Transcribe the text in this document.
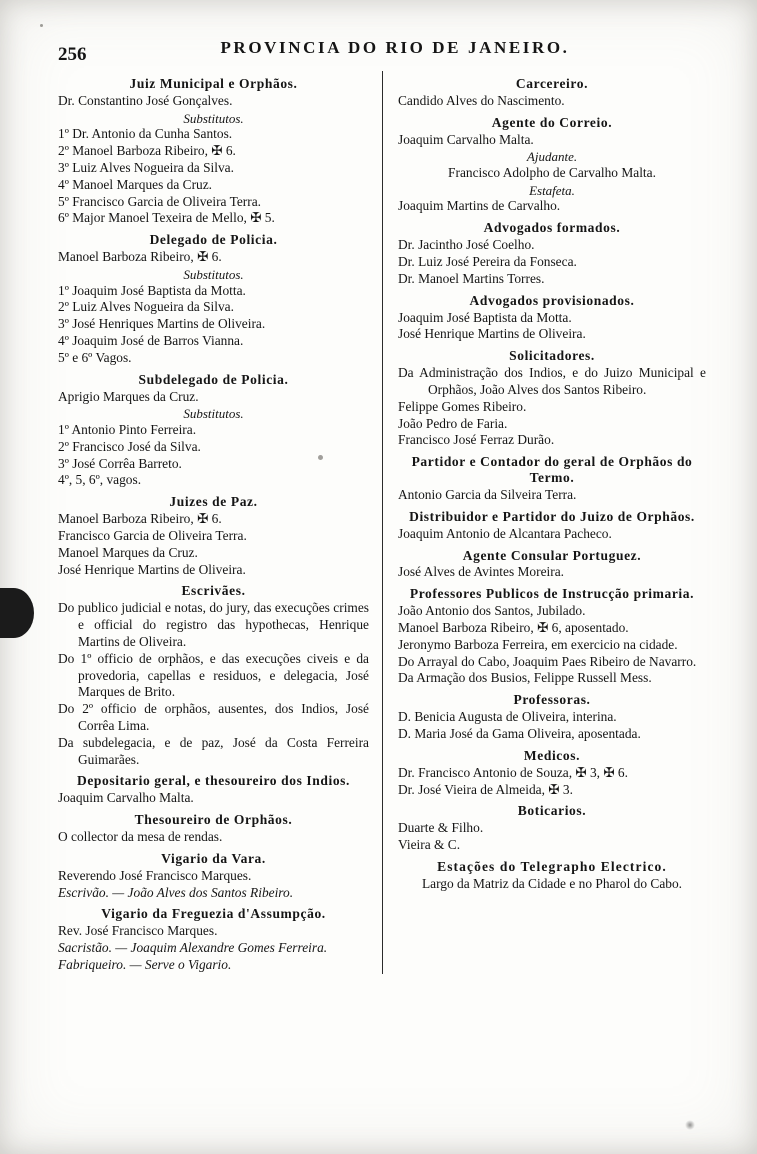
256	PROVINCIA DO RIO DE JANEIRO.
Juiz Municipal e Orphãos.
Dr. Constantino José Gonçalves.
Substitutos.
1º Dr. Antonio da Cunha Santos.
2º Manoel Barboza Ribeiro, ✠ 6.
3º Luiz Alves Nogueira da Silva.
4º Manoel Marques da Cruz.
5º Francisco Garcia de Oliveira Terra.
6º Major Manoel Texeira de Mello, ✠ 5.
Delegado de Policia.
Manoel Barboza Ribeiro, ✠ 6.
Substitutos.
1º Joaquim José Baptista da Motta.
2º Luiz Alves Nogueira da Silva.
3º José Henriques Martins de Oliveira.
4º Joaquim José de Barros Vianna.
5º e 6º Vagos.
Subdelegado de Policia.
Aprigio Marques da Cruz.
Substitutos.
1º Antonio Pinto Ferreira.
2º Francisco José da Silva.
3º José Corrêa Barreto.
4º, 5, 6º, vagos.
Juizes de Paz.
Manoel Barboza Ribeiro, ✠ 6.
Francisco Garcia de Oliveira Terra.
Manoel Marques da Cruz.
José Henrique Martins de Oliveira.
Escrivães.
Do publico judicial e notas, do jury, das execuções crimes e official do registro das hypothecas, Henrique Martins de Oliveira.
Do 1º officio de orphãos, e das execuções civeis e da provedoria, capellas e residuos, e delegacia, José Marques de Brito.
Do 2º officio de orphãos, ausentes, dos Indios, José Corrêa Lima.
Da subdelegacia, e de paz, José da Costa Ferreira Guimarães.
Depositario geral, e thesoureiro dos Indios.
Joaquim Carvalho Malta.
Thesoureiro de Orphãos.
O collector da mesa de rendas.
Vigario da Vara.
Reverendo José Francisco Marques.
Escrivão. — João Alves dos Santos Ribeiro.
Vigario da Freguezia d'Assumpção.
Rev. José Francisco Marques.
Sacristão. — Joaquim Alexandre Gomes Ferreira.
Fabriqueiro. — Serve o Vigario.
Carcereiro.
Candido Alves do Nascimento.
Agente do Correio.
Joaquim Carvalho Malta.
Ajudante.
Francisco Adolpho de Carvalho Malta.
Estafeta.
Joaquim Martins de Carvalho.
Advogados formados.
Dr. Jacintho José Coelho.
Dr. Luiz José Pereira da Fonseca.
Dr. Manoel Martins Torres.
Advogados provisionados.
Joaquim José Baptista da Motta.
José Henrique Martins de Oliveira.
Solicitadores.
Da Administração dos Indios, e do Juizo Municipal e Orphãos, João Alves dos Santos Ribeiro.
Felippe Gomes Ribeiro.
João Pedro de Faria.
Francisco José Ferraz Durão.
Partidor e Contador do geral de Orphãos do Termo.
Antonio Garcia da Silveira Terra.
Distribuidor e Partidor do Juizo de Orphãos.
Joaquim Antonio de Alcantara Pacheco.
Agente Consular Portuguez.
José Alves de Avintes Moreira.
Professores Publicos de Instrucção primaria.
João Antonio dos Santos, Jubilado.
Manoel Barboza Ribeiro, ✠ 6, aposentado.
Jeronymo Barboza Ferreira, em exercicio na cidade.
Do Arrayal do Cabo, Joaquim Paes Ribeiro de Navarro.
Da Armação dos Busios, Felippe Russell Mess.
Professoras.
D. Benicia Augusta de Oliveira, interina.
D. Maria José da Gama Oliveira, aposentada.
Medicos.
Dr. Francisco Antonio de Souza, ✠ 3, ✠ 6.
Dr. José Vieira de Almeida, ✠ 3.
Boticarios.
Duarte & Filho.
Vieira & C.
Estações do Telegrapho Electrico.
Largo da Matriz da Cidade e no Pharol do Cabo.
